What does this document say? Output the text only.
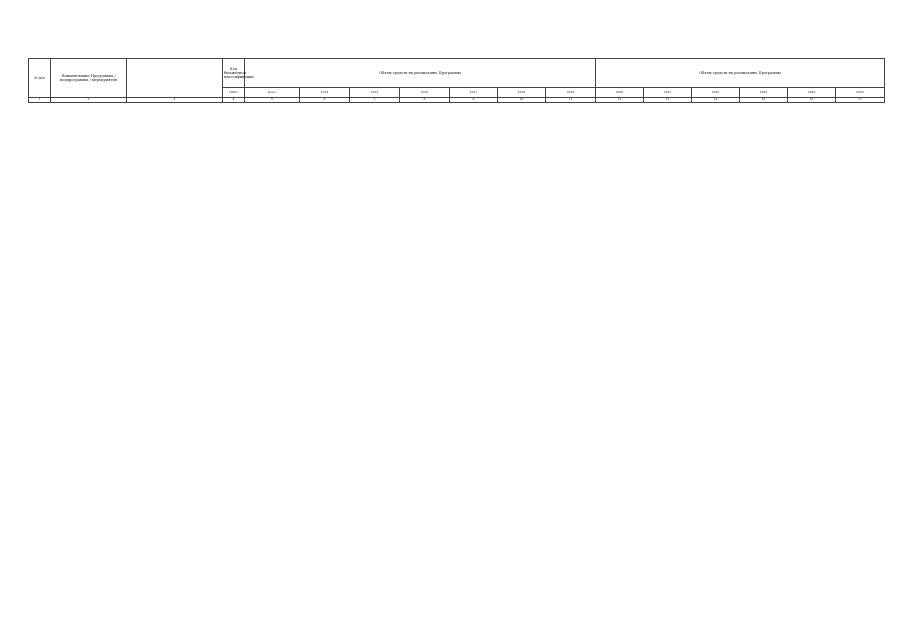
№ п/п	Наименование Программы / подпрограммы / мероприятия		Код бюджетной классификации	Объем средств на реализацию Программы							Объем средств на реализацию Программы					
			ГРБС	всего	2014	2015	2016	2017	2018	2019	2020	2021	2022	2023	2024	2025
1	2	3	4	5	6	7	8	9	10	11	12	13	14	15	16	17
